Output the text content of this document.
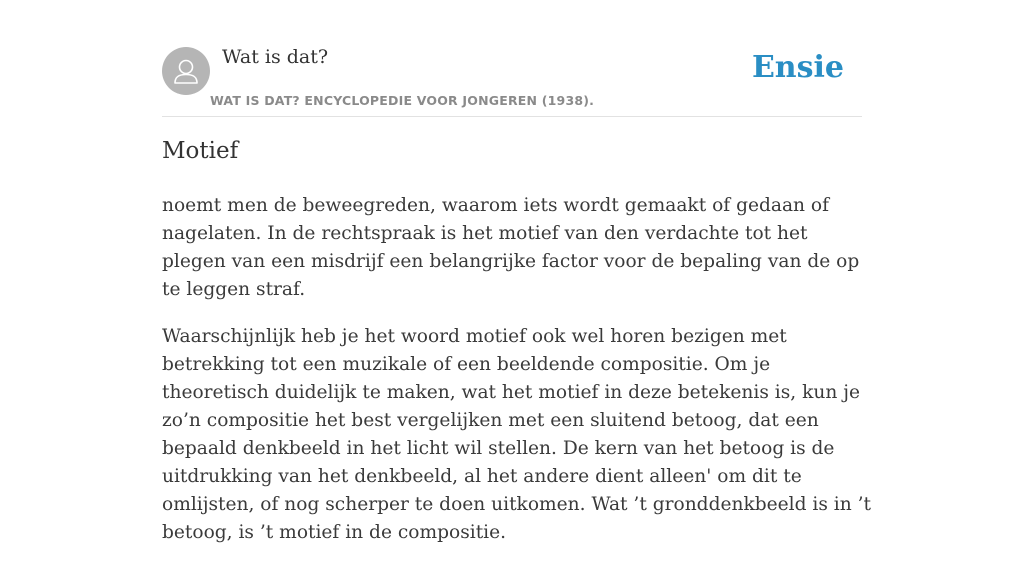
Wat is dat?
WAT IS DAT? ENCYCLOPEDIE VOOR JONGEREN (1938).
Ensie
Motief

noemt men de beweegreden, waarom iets wordt gemaakt of gedaan of nagelaten. In de rechtspraak is het motief van den verdachte tot het plegen van een misdrijf een belangrijke factor voor de bepaling van de op te leggen straf.

Waarschijnlijk heb je het woord motief ook wel horen bezigen met betrekking tot een muzikale of een beeldende compositie. Om je theoretisch duidelijk te maken, wat het motief in deze betekenis is, kun je zo’n compositie het best vergelijken met een sluitend betoog, dat een bepaald denkbeeld in het licht wil stellen. De kern van het betoog is de uitdrukking van het denkbeeld, al het andere dient alleen' om dit te omlijsten, of nog scherper te doen uitkomen. Wat ’t gronddenkbeeld is in ’t betoog, is ’t motief in de compositie.
